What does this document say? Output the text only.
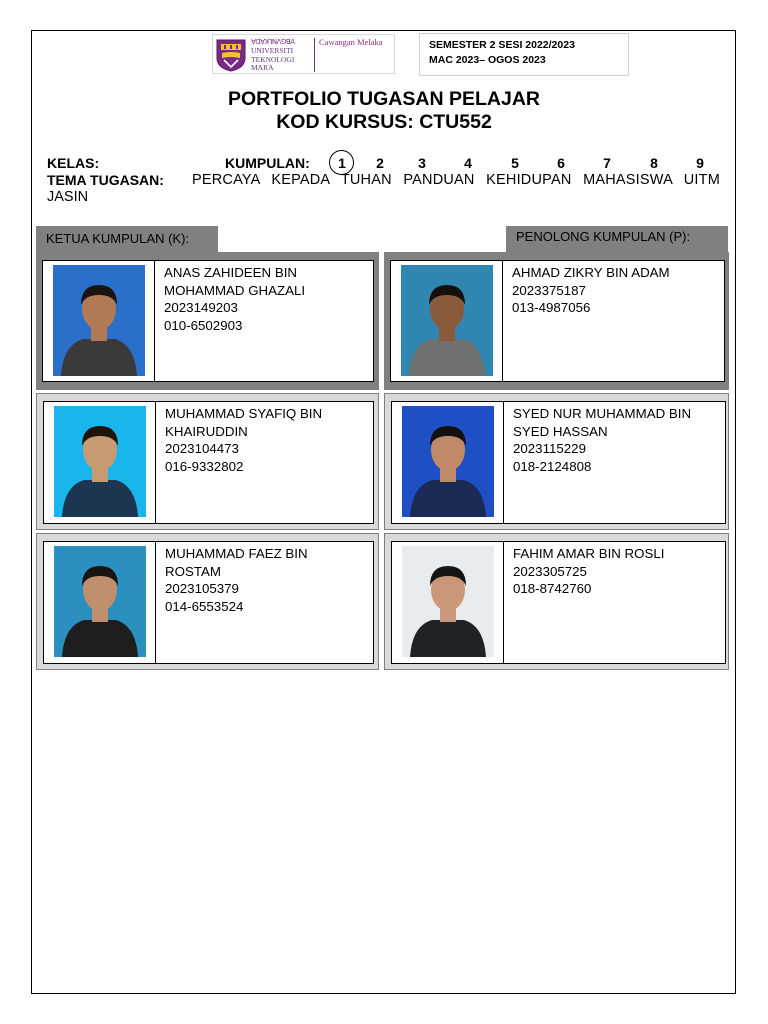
ꓯꓷꓯꓘꓶꓠꓥꓨꓭꓮ
UNIVERSITI
TEKNOLOGI
MARA
Cawangan Melaka	SEMESTER 2 SESI 2022/2023
MAC 2023– OGOS 2023
PORTFOLIO TUGASAN PELAJAR
KOD KURSUS: CTU552
KELAS:	KUMPULAN: 1 2 3	4	5	6	7	8	9
TEMA TUGASAN: PERCAYA KEPADA TUHAN PANDUAN KEHIDUPAN MAHASISWA UITM
JASIN
KETUA KUMPULAN (K):	PENOLONG KUMPULAN (P):
ANAS ZAHIDEEN BIN
MOHAMMAD GHAZALI
2023149203
010-6502903
AHMAD ZIKRY BIN ADAM
2023375187
013-4987056
MUHAMMAD SYAFIQ BIN
KHAIRUDDIN
2023104473
016-9332802
SYED NUR MUHAMMAD BIN
SYED HASSAN
2023115229
018-2124808
MUHAMMAD FAEZ BIN
ROSTAM
2023105379
014-6553524
FAHIM AMAR BIN ROSLI
2023305725
018-8742760
